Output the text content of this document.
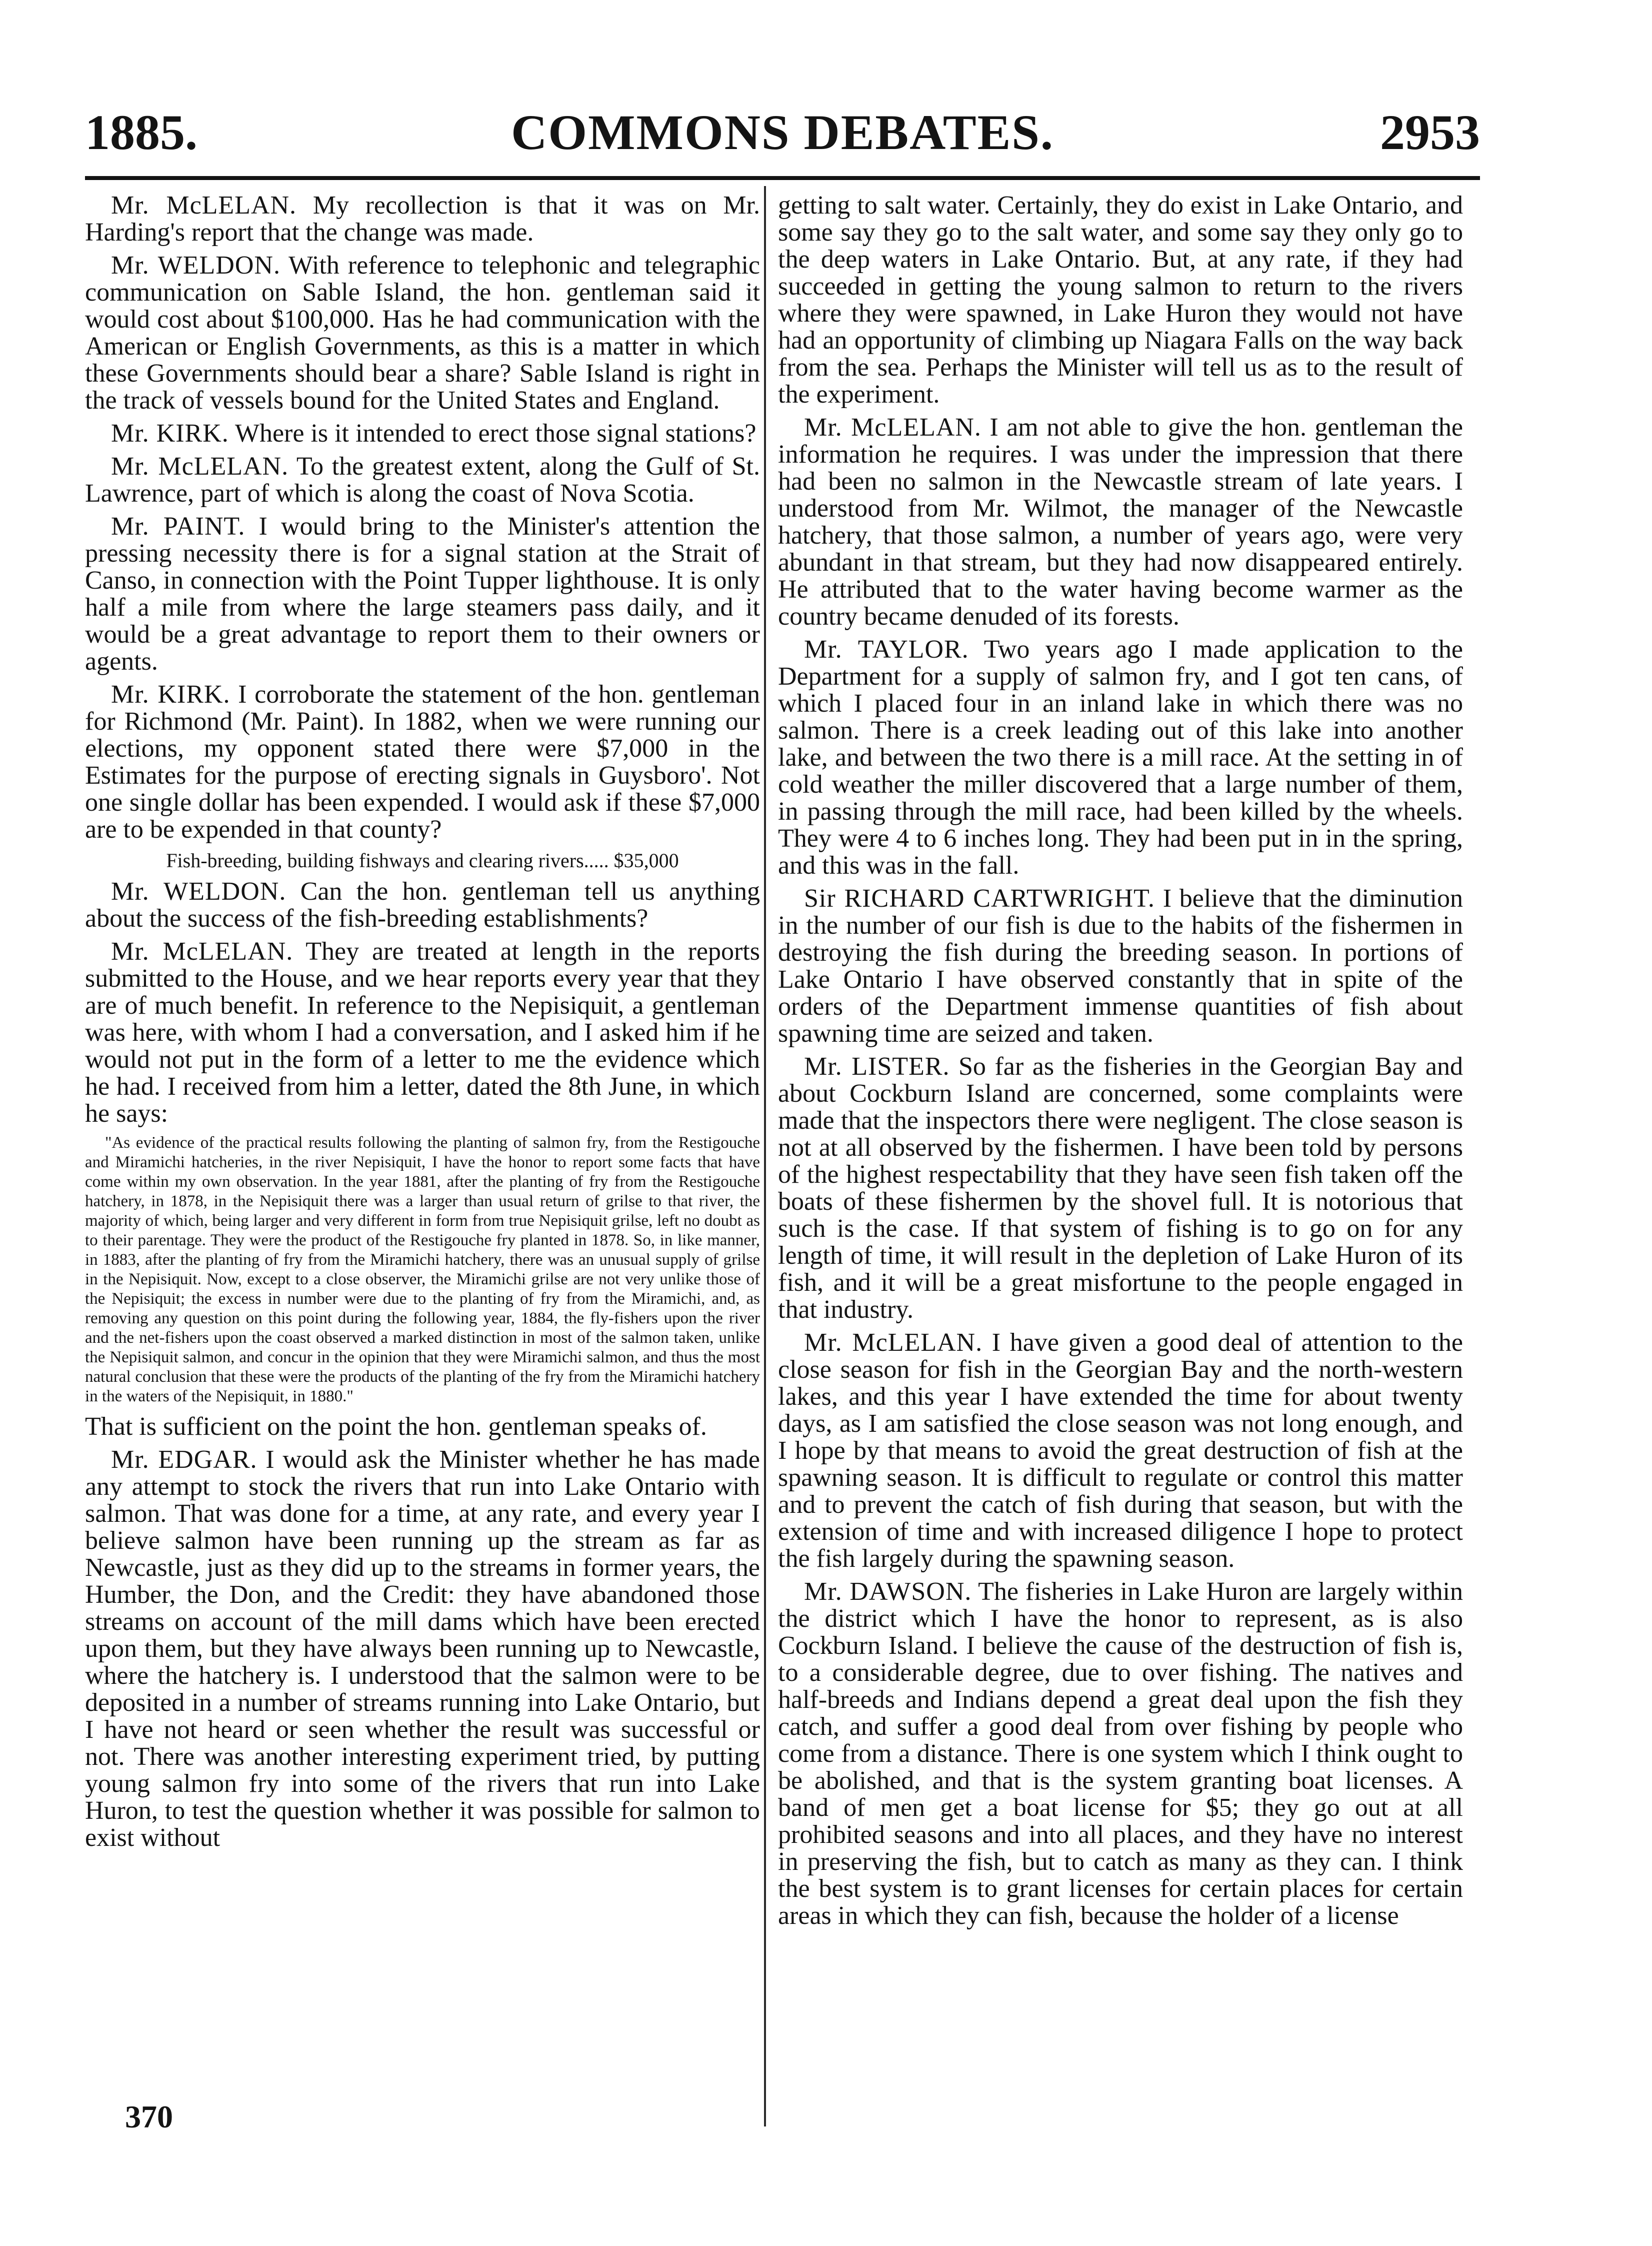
1885.	COMMONS DEBATES.	2953

Mr. McLELAN. My recollection is that it was on Mr. Harding's report that the change was made.

Mr. WELDON. With reference to telephonic and telegraphic communication on Sable Island, the hon. gentleman said it would cost about $100,000. Has he had communication with the American or English Governments, as this is a matter in which these Governments should bear a share? Sable Island is right in the track of vessels bound for the United States and England.

Mr. KIRK. Where is it intended to erect those signal stations?

Mr. McLELAN. To the greatest extent, along the Gulf of St. Lawrence, part of which is along the coast of Nova Scotia.

Mr. PAINT. I would bring to the Minister's attention the pressing necessity there is for a signal station at the Strait of Canso, in connection with the Point Tupper lighthouse. It is only half a mile from where the large steamers pass daily, and it would be a great advantage to report them to their owners or agents.

Mr. KIRK. I corroborate the statement of the hon. gentleman for Richmond (Mr. Paint). In 1882, when we were running our elections, my opponent stated there were $7,000 in the Estimates for the purpose of erecting signals in Guysboro'. Not one single dollar has been expended. I would ask if these $7,000 are to be expended in that county?

Fish-breeding, building fishways and clearing rivers..... $35,000

Mr. WELDON. Can the hon. gentleman tell us anything about the success of the fish-breeding establishments?

Mr. McLELAN. They are treated at length in the reports submitted to the House, and we hear reports every year that they are of much benefit. In reference to the Nepisiquit, a gentleman was here, with whom I had a conversation, and I asked him if he would not put in the form of a letter to me the evidence which he had. I received from him a letter, dated the 8th June, in which he says:

"As evidence of the practical results following the planting of salmon fry, from the Restigouche and Miramichi hatcheries, in the river Nepisiquit, I have the honor to report some facts that have come within my own observation. In the year 1881, after the planting of fry from the Restigouche hatchery, in 1878, in the Nepisiquit there was a larger than usual return of grilse to that river, the majority of which, being larger and very different in form from true Nepisiquit grilse, left no doubt as to their parentage. They were the product of the Restigouche fry planted in 1878. So, in like manner, in 1883, after the planting of fry from the Miramichi hatchery, there was an unusual supply of grilse in the Nepisiquit. Now, except to a close observer, the Miramichi grilse are not very unlike those of the Nepisiquit; the excess in number were due to the planting of fry from the Miramichi, and, as removing any question on this point during the following year, 1884, the fly-fishers upon the river and the net-fishers upon the coast observed a marked distinction in most of the salmon taken, unlike the Nepisiquit salmon, and concur in the opinion that they were Miramichi salmon, and thus the most natural conclusion that these were the products of the planting of the fry from the Miramichi hatchery in the waters of the Nepisiquit, in 1880."

That is sufficient on the point the hon. gentleman speaks of.

Mr. EDGAR. I would ask the Minister whether he has made any attempt to stock the rivers that run into Lake Ontario with salmon. That was done for a time, at any rate, and every year I believe salmon have been running up the stream as far as Newcastle, just as they did up to the streams in former years, the Humber, the Don, and the Credit: they have abandoned those streams on account of the mill dams which have been erected upon them, but they have always been running up to Newcastle, where the hatchery is. I understood that the salmon were to be deposited in a number of streams running into Lake Ontario, but I have not heard or seen whether the result was successful or not. There was another interesting experiment tried, by putting young salmon fry into some of the rivers that run into Lake Huron, to test the question whether it was possible for salmon to exist without

getting to salt water. Certainly, they do exist in Lake Ontario, and some say they go to the salt water, and some say they only go to the deep waters in Lake Ontario. But, at any rate, if they had succeeded in getting the young salmon to return to the rivers where they were spawned, in Lake Huron they would not have had an opportunity of climbing up Niagara Falls on the way back from the sea. Perhaps the Minister will tell us as to the result of the experiment.

Mr. McLELAN. I am not able to give the hon. gentleman the information he requires. I was under the impression that there had been no salmon in the Newcastle stream of late years. I understood from Mr. Wilmot, the manager of the Newcastle hatchery, that those salmon, a number of years ago, were very abundant in that stream, but they had now disappeared entirely. He attributed that to the water having become warmer as the country became denuded of its forests.

Mr. TAYLOR. Two years ago I made application to the Department for a supply of salmon fry, and I got ten cans, of which I placed four in an inland lake in which there was no salmon. There is a creek leading out of this lake into another lake, and between the two there is a mill race. At the setting in of cold weather the miller discovered that a large number of them, in passing through the mill race, had been killed by the wheels. They were 4 to 6 inches long. They had been put in in the spring, and this was in the fall.

Sir RICHARD CARTWRIGHT. I believe that the diminution in the number of our fish is due to the habits of the fishermen in destroying the fish during the breeding season. In portions of Lake Ontario I have observed constantly that in spite of the orders of the Department immense quantities of fish about spawning time are seized and taken.

Mr. LISTER. So far as the fisheries in the Georgian Bay and about Cockburn Island are concerned, some complaints were made that the inspectors there were negligent. The close season is not at all observed by the fishermen. I have been told by persons of the highest respectability that they have seen fish taken off the boats of these fishermen by the shovel full. It is notorious that such is the case. If that system of fishing is to go on for any length of time, it will result in the depletion of Lake Huron of its fish, and it will be a great misfortune to the people engaged in that industry.

Mr. McLELAN. I have given a good deal of attention to the close season for fish in the Georgian Bay and the north-western lakes, and this year I have extended the time for about twenty days, as I am satisfied the close season was not long enough, and I hope by that means to avoid the great destruction of fish at the spawning season. It is difficult to regulate or control this matter and to prevent the catch of fish during that season, but with the extension of time and with increased diligence I hope to protect the fish largely during the spawning season.

Mr. DAWSON. The fisheries in Lake Huron are largely within the district which I have the honor to represent, as is also Cockburn Island. I believe the cause of the destruction of fish is, to a considerable degree, due to over fishing. The natives and half-breeds and Indians depend a great deal upon the fish they catch, and suffer a good deal from over fishing by people who come from a distance. There is one system which I think ought to be abolished, and that is the system granting boat licenses. A band of men get a boat license for $5; they go out at all prohibited seasons and into all places, and they have no interest in preserving the fish, but to catch as many as they can. I think the best system is to grant licenses for certain places for certain areas in which they can fish, because the holder of a license

370
